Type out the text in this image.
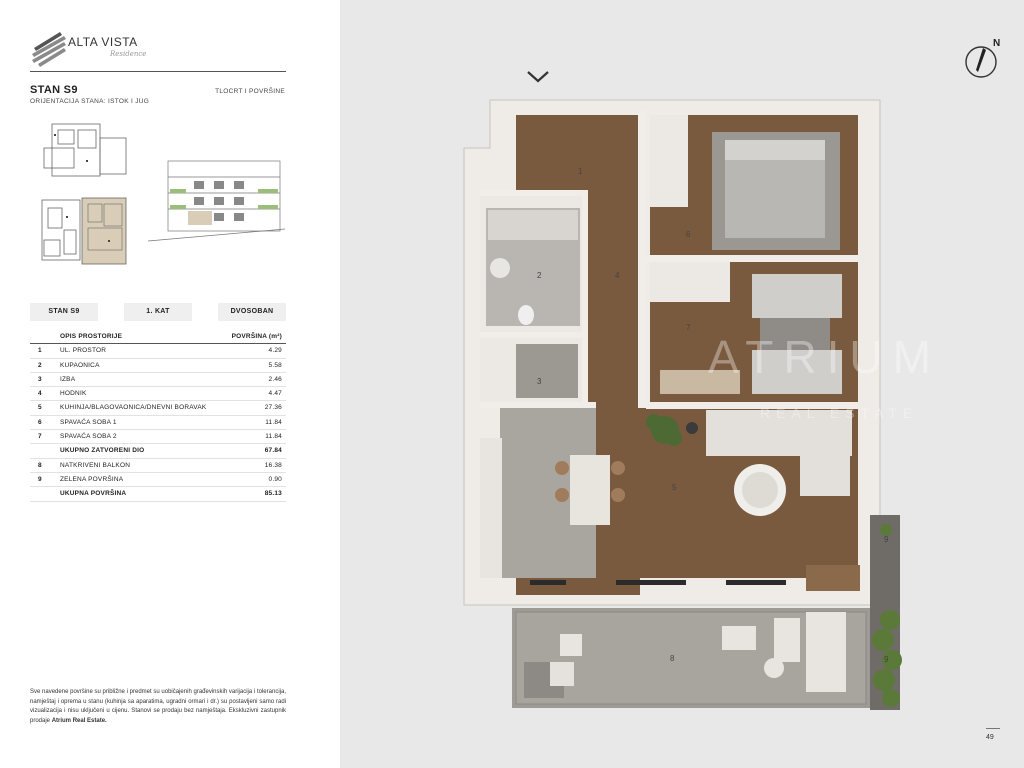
ALTA VISTA
Residence
STAN S9
ORIJENTACIJA STANA: ISTOK I JUG
TLOCRT I POVRŠINE
STAN S9	1. KAT	DVOSOBAN
OPIS PROSTORIJE	POVRŠINA (m²)
1	UL. PROSTOR	4.29
2	KUPAONICA	5.58
3	IZBA	2.46
4	HODNIK	4.47
5	KUHINJA/BLAGOVAONICA/DNEVNI BORAVAK	27.36
6	SPAVAĆA SOBA 1	11.84
7	SPAVAĆA SOBA 2	11.84
UKUPNO ZATVORENI DIO	67.84
8	NATKRIVENI BALKON	16.38
9	ZELENA POVRŠINA	0.90
UKUPNA POVRŠINA	85.13
Sve navedene površine su približne i predmet su uobičajenih građevinskih varijacija i tolerancija, namještaj i oprema u stanu (kuhinja sa aparatima, ugradni ormari i dr.) su postavljeni samo radi vizualizacija i nisu uključeni u cijenu. Stanovi se prodaju bez namještaja. Ekskluzivni zastupnik prodaje Atrium Real Estate.
ATRIUM
REAL ESTATE
1
2
3
4
5
6
7
8
9
9
N
49
